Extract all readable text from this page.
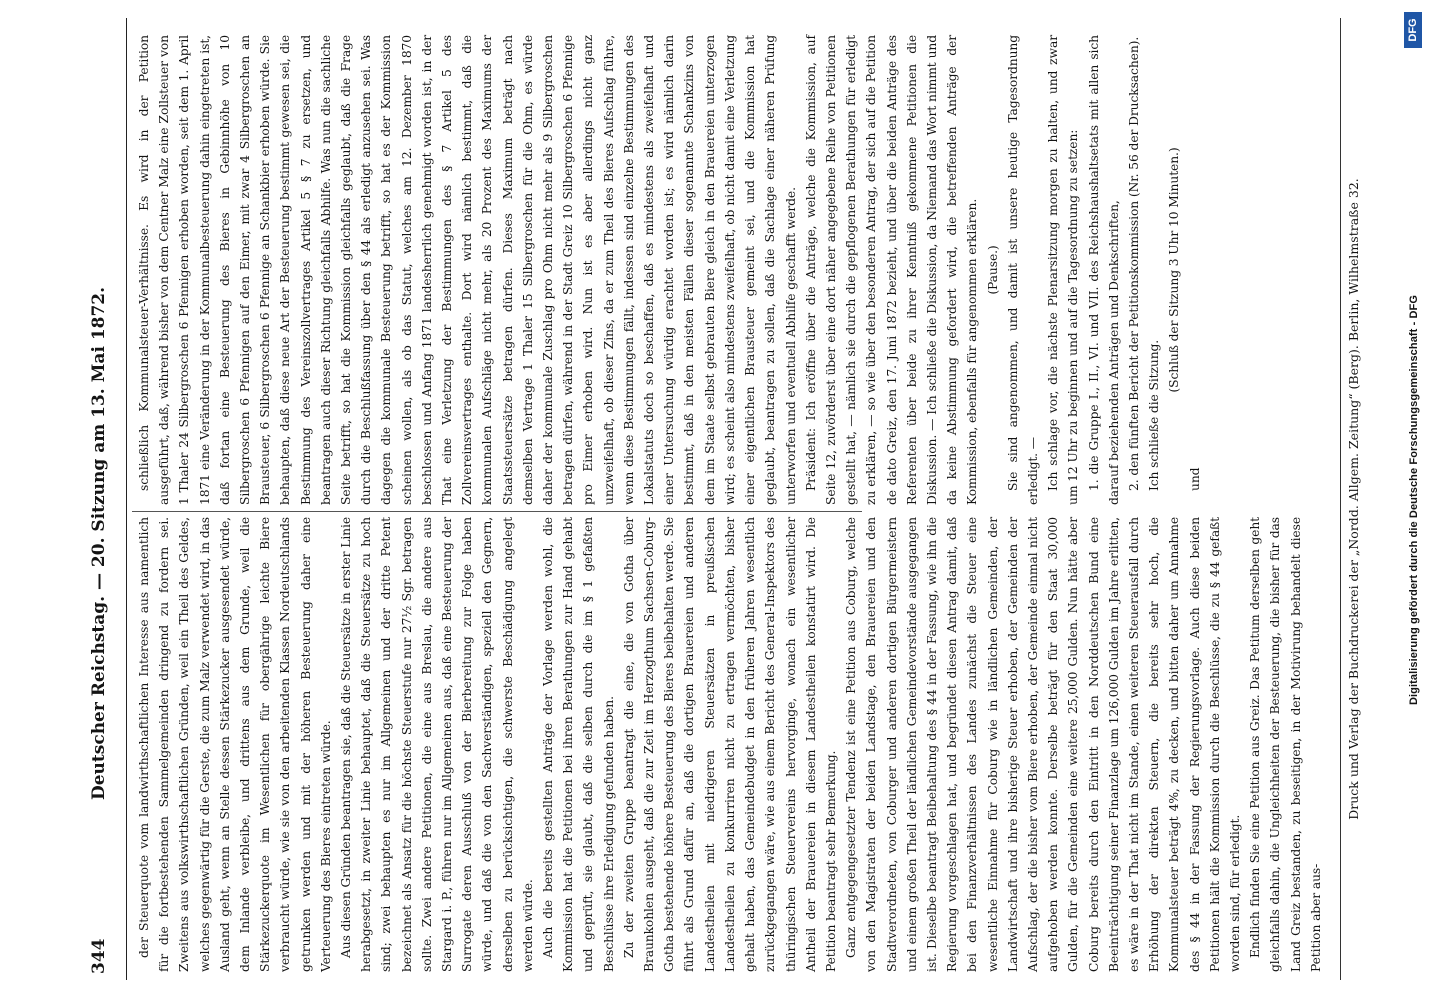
344
Deutscher Reichstag. — 20. Sitzung am 13. Mai 1872. der Steuerquote vom landwirthschaftlichen Interesse aus namentlich für die fortbestehenden Sammelgemeinden dringend zu fordern sei. Zweitens aus volkswirthschaftlichen Gründen, weil ein Theil des Geldes, welches gegenwärtig für die Gerste, die zum Malz verwendet wird, in das Ausland geht, wenn an Stelle dessen Stärkezucker ausgesendet würde, dem Inlande verbleibe, und drittens aus dem Grunde, weil die Stärkezuckerquote im Wesentlichen für obergährige leichte Biere verbraucht würde, wie sie von den arbeitenden Klassen Nordeutschlands getrunken werden und mit der höheren Besteuerung daher eine Verteuerung des Bieres eintreten würde. Aus diesen Gründen beantragen sie, daß die Steuersätze in erster Linie herabgesetzt, in zweiter Linie behauptet, daß die Steuersätze zu hoch sind; zwei behaupten es nur im Allgemeinen und der dritte Petent bezeichnet als Ansatz für die höchste Steuerstufe nur 27½ Sgr. betragen sollte. Zwei andere Petitionen, die eine aus Breslau, die andere aus Stargard i. P., führen nur im Allgemeinen aus, daß eine Besteuerung der Surrogate deren Ausschluß von der Bierbereitung zur Folge haben würde, und daß die von den Sachverständigen, speziell den Gegnern, derselben zu berücksichtigen, die schwerste Beschädigung angelegt werden würde. Auch die bereits gestellten Anträge der Vorlage werden wohl, die Kommission hat die Petitionen bei ihren Berathungen zur Hand gehabt und geprüft, sie glaubt, daß die selben durch die im § 1 gefaßten Beschlüsse ihre Erledigung gefunden haben. Zu der zweiten Gruppe beantragt die eine, die von Gotha über Braunkohlen ausgeht, daß die zur Zeit im Herzogthum Sachsen-Coburg-Gotha bestehende höhere Besteuerung des Bieres beibehalten werde. Sie führt als Grund dafür an, daß die dortigen Brauereien und anderen Landestheilen mit niedrigeren Steuersätzen in preußischen Landestheilen zu konkurriren nicht zu ertragen vermöchten, bisher gehalt haben, das Gemeindebudget in den früheren Jahren wesentlich zurückgegangen wäre, wie aus einem Bericht des General-Inspektors des thüringischen Steuervereins hervorginge, wonach ein wesentlicher Antheil der Brauereien in diesem Landestheilen konstatirt wird. Die Petition beantragt sehr Bemerkung. Ganz entgegengesetzter Tendenz ist eine Petition aus Coburg, welche von den Magistraten der beiden Landstage, den Brauereien und den Stadtverordneten, von Coburger und anderen dortigen Bürgermeistern und einem großen Theil der ländlichen Gemeindevorstände ausgegangen ist. Dieselbe beantragt Beibehaltung des § 44 in der Fassung, wie ihn die Regierung vorgeschlagen hat, und begründet diesen Antrag damit, daß bei den Finanzverhältnissen des Landes zunächst die Steuer eine wesentliche Einnahme für Coburg wie in ländlichen Gemeinden, der Landwirtschaft und ihre bisherige Steuer erhoben, der Gemeinden der Aufschlag, der die bisher vom Biere erhoben, der Gemeinde einmal nicht aufgehoben werden konnte. Derselbe beträgt für den Staat 30,000 Gulden, für die Gemeinden eine weitere 25,000 Gulden. Nun hätte aber Coburg bereits durch den Eintritt in den Norddeutschen Bund eine Beeinträchtigung seiner Finanzlage um 126,000 Gulden im Jahre erlitten, es wäre in der That nicht im Stande, einen weiteren Steuerausfall durch Erhöhung der direkten Steuern, die bereits sehr hoch, die Kommunalsteuer beträgt 4%, zu decken, und bitten daher um Annahme des § 44 in der Fassung der Regierungsvorlage. Auch diese beiden Petitionen hält die Kommission durch die Beschlüsse, die zu § 44 gefaßt worden sind, für erledigt. Endlich finden Sie eine Petition aus Greiz. Das Petitum derselben geht gleichfalls dahin, die Ungleichheiten der Besteuerung, die bisher für das Land Greiz bestanden, zu beseitigen, in der Motivirung behandelt diese Petition aber aus-

schließlich Kommunalsteuer-Verhältnisse. Es wird in der Petition ausgeführt, daß, während bisher von dem Centner Malz eine Zollsteuer von 1 Thaler 24 Silbergroschen 6 Pfennigen erhoben worden, seit dem 1. April 1871 eine Veränderung in der Kommunalbesteuerung dahin eingetreten ist, daß fortan eine Besteuerung des Bieres in Gebinnhöhe von 10 Silbergroschen 6 Pfennigen auf den Eimer, mit zwar 4 Silbergroschen an Brausteuer, 6 Silbergroschen 6 Pfennige an Schankbier erhoben würde. Sie behaupten, daß diese neue Art der Besteuerung bestimmt gewesen sei, die Bestimmung des Vereinszollvertrages Artikel 5 § 7 zu ersetzen, und beantragen auch dieser Richtung gleichfalls Abhilfe. Was nun die sachliche Seite betrifft, so hat die Kommission gleichfalls geglaubt, daß die Frage durch die Beschlußfassung über den § 44 als erledigt anzusehen sei. Was dagegen die kommunale Besteuerung betrifft, so hat es der Kommission scheinen wollen, als ob das Statut, welches am 12. Dezember 1870 beschlossen und Anfang 1871 landesherrlich genehmigt worden ist, in der That eine Verletzung der Bestimmungen des § 7 Artikel 5 des Zollvereinsvertrages enthalte. Dort wird nämlich bestimmt, daß die kommunalen Aufschläge nicht mehr, als 20 Prozent des Maximums der Staatssteuersätze betragen dürfen. Dieses Maximum beträgt nach demselben Vertrage 1 Thaler 15 Silbergroschen für die Ohm, es würde daher der kommunale Zuschlag pro Ohm nicht mehr als 9 Silbergroschen betragen dürfen, während in der Stadt Greiz 10 Silbergroschen 6 Pfennige pro Eimer erhoben wird. Nun ist es aber allerdings nicht ganz unzweifelhaft, ob dieser Zins, da er zum Theil des Bieres Aufschlag führe, wenn diese Bestimmungen fällt, indessen sind einzelne Bestimmungen des Lokalstatuts doch so beschaffen, daß es mindestens als zweifelhaft und einer Untersuchung würdig erachtet worden ist; es wird nämlich darin bestimmt, daß in den meisten Fällen dieser sogenannte Schankzins von dem im Staate selbst gebrauten Biere gleich in den Brauereien unterzogen wird; es scheint also mindestens zweifelhaft, ob nicht damit eine Verletzung einer eigentlichen Brausteuer gemeint sei, und die Kommission hat geglaubt, beantragen zu sollen, daß die Sachlage einer näheren Prüfung unterworfen und eventuell Abhilfe geschafft werde. Präsident: Ich eröffne über die Anträge, welche die Kommission, auf Seite 12, zuvörderst über eine dort näher angegebene Reihe von Petitionen gestellt hat, — nämlich sie durch die gepflogenen Berathungen für erledigt zu erklären, — so wie über den besonderen Antrag, der sich auf die Petition de dato Greiz, den 17. Juni 1872 bezieht, und über die beiden Anträge des Referenten über beide zu ihrer Kenntniß gekommene Petitionen die Diskussion. — Ich schließe die Diskussion, da Niemand das Wort nimmt und da keine Abstimmung gefordert wird, die betreffenden Anträge der Kommission, ebenfalls für angenommen erklären. (Pause.) Sie sind angenommen, und damit ist unsere heutige Tagesordnung erledigt. — Ich schlage vor, die nächste Plenarsitzung morgen zu halten, und zwar um 12 Uhr zu beginnen und auf die Tagesordnung zu setzen: 1. die Gruppe I., II., VI. und VII. des Reichshaushaltsetats mit allen sich darauf beziehenden Anträgen und Denkschriften, 2. den fünften Bericht der Petitionskommission (Nr. 56 der Drucksachen). Ich schließe die Sitzung.

(Schluß der Sitzung 3 Uhr 10 Minuten.)

und	Druck und Verlag der Buchdruckerei der „Nordd. Allgem. Zeitung“ (Berg). Berlin, Wilhelmstraße 32.	Digitalisierung gefördert durch die Deutsche Forschungsgemeinschaft - DFG
DFG
